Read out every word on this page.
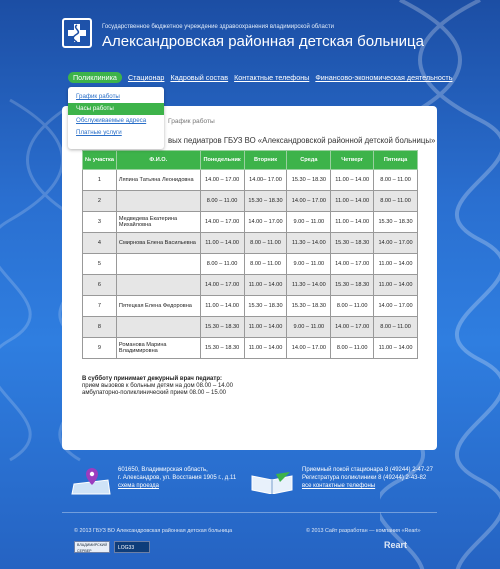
Государственное бюджетное учреждение здравоохранения владимирской области
Александровская районная детская больница
Поликлиника	Стационар Кадровый состав Контактные телефоны Финансово-экономическая деятельность
График работы
Часы работы
Обслуживаемые адреса
Платные услуги
График работы
вых педиатров ГБУЗ ВО «Александровской районной детской больницы»
№ участка	Ф.И.О.	Понедельник	Вторник	Среда	Четверг	Пятница
1	Ляпина Татьяна Леонидовна	14.00 – 17.00	14.00– 17.00	15.30 – 18.30	11.00 – 14.00	8.00 – 11.00
2		8.00 – 11.00	15.30 – 18.30	14.00 – 17.00	11.00 – 14.00	8.00 – 11.00
3	Медведева Екатерина Михайловна	14.00 – 17.00	14.00 – 17.00	9.00 – 11.00	11.00 – 14.00	15.30 – 18.30
4	Смирнова Елена Васильевна	11.00 – 14.00	8.00 – 11.00	11.30 – 14.00	15.30 – 18.30	14.00 – 17.00
5		8.00 – 11.00	8.00 – 11.00	9.00 – 11.00	14.00 – 17.00	11.00 – 14.00
6		14.00 – 17.00	11.00 – 14.00	11.30 – 14.00	15.30 – 18.30	11.00 – 14.00
7	Пятецкая Елена Федоровна	11.00 – 14.00	15.30 – 18.30	15.30 – 18.30	8.00 – 11.00	14.00 – 17.00
8		15.30 – 18.30	11.00 – 14.00	9.00 – 11.00	14.00 – 17.00	8.00 – 11.00
9	Романова Марина Владимировна	15.30 – 18.30	11.00 – 14.00	14.00 – 17.00	8.00 – 11.00	11.00 – 14.00
В субботу принимает дежурный врач педиатр:
прием вызовов к больным детям на дом 08.00 – 14.00
амбулаторно-поликлинический прием 08.00 – 15.00
601650, Владимирская область,
г. Александров, ул. Восстания 1905 г., д.11
схема проезда
Приемный покой стационара 8 (49244) 2-47-27
Регистратура поликлиники 8 (49244) 2-43-82
все контактные телефоны
© 2013 ГБУЗ ВО Александровская районная детская больница	© 2013 Сайт разработан — компания «Reart»
ВЛАДИМИРСКИЙ СЕРВЕР	LOG33	Reart
